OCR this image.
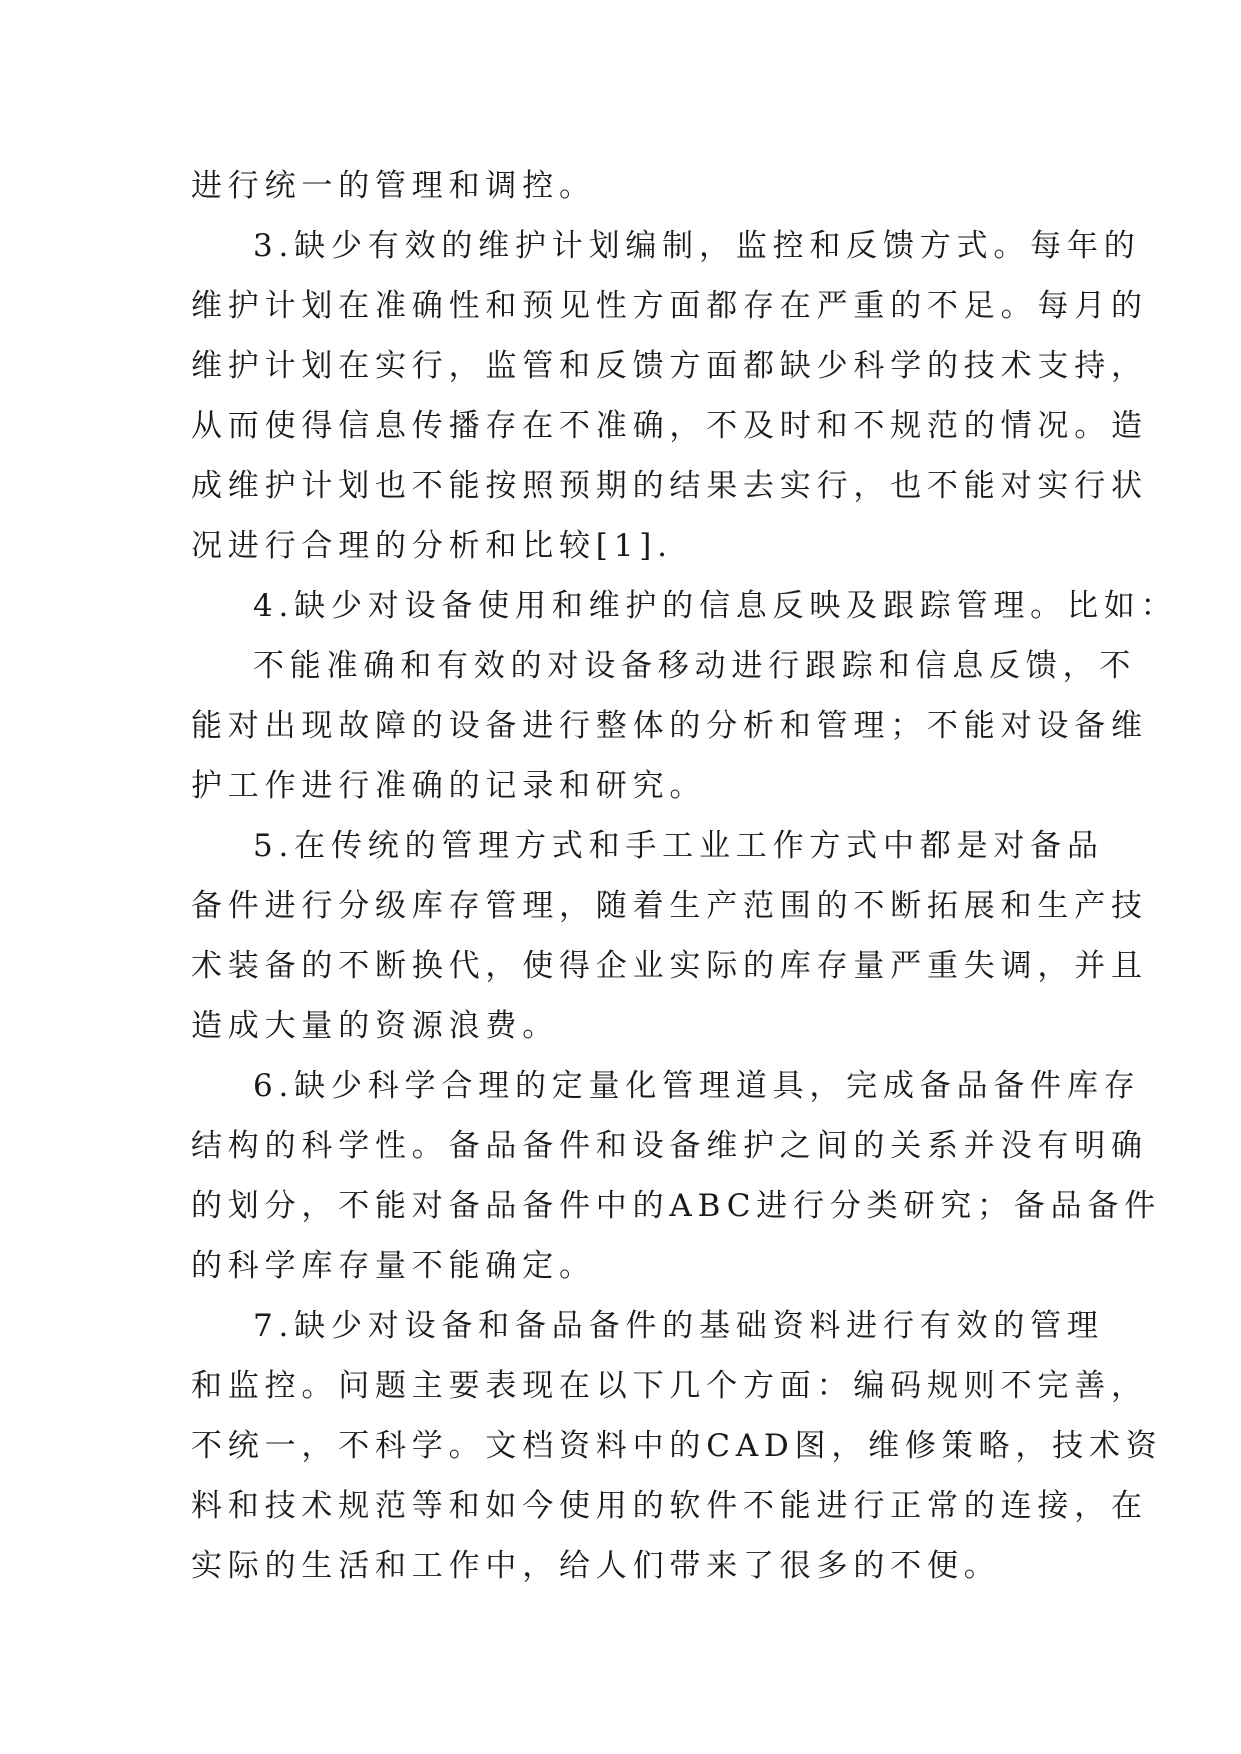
进行统一的管理和调控。
3.缺少有效的维护计划编制，监控和反馈方式。每年的
维护计划在准确性和预见性方面都存在严重的不足。每月的
维护计划在实行，监管和反馈方面都缺少科学的技术支持，
从而使得信息传播存在不准确，不及时和不规范的情况。造
成维护计划也不能按照预期的结果去实行，也不能对实行状
况进行合理的分析和比较[1].
4.缺少对设备使用和维护的信息反映及跟踪管理。比如：
不能准确和有效的对设备移动进行跟踪和信息反馈，不
能对出现故障的设备进行整体的分析和管理；不能对设备维
护工作进行准确的记录和研究。
5.在传统的管理方式和手工业工作方式中都是对备品
备件进行分级库存管理，随着生产范围的不断拓展和生产技
术装备的不断换代，使得企业实际的库存量严重失调，并且
造成大量的资源浪费。
6.缺少科学合理的定量化管理道具，完成备品备件库存
结构的科学性。备品备件和设备维护之间的关系并没有明确
的划分，不能对备品备件中的ABC进行分类研究；备品备件
的科学库存量不能确定。
7.缺少对设备和备品备件的基础资料进行有效的管理
和监控。问题主要表现在以下几个方面：编码规则不完善，
不统一，不科学。文档资料中的CAD图，维修策略，技术资
料和技术规范等和如今使用的软件不能进行正常的连接，在
实际的生活和工作中，给人们带来了很多的不便。
